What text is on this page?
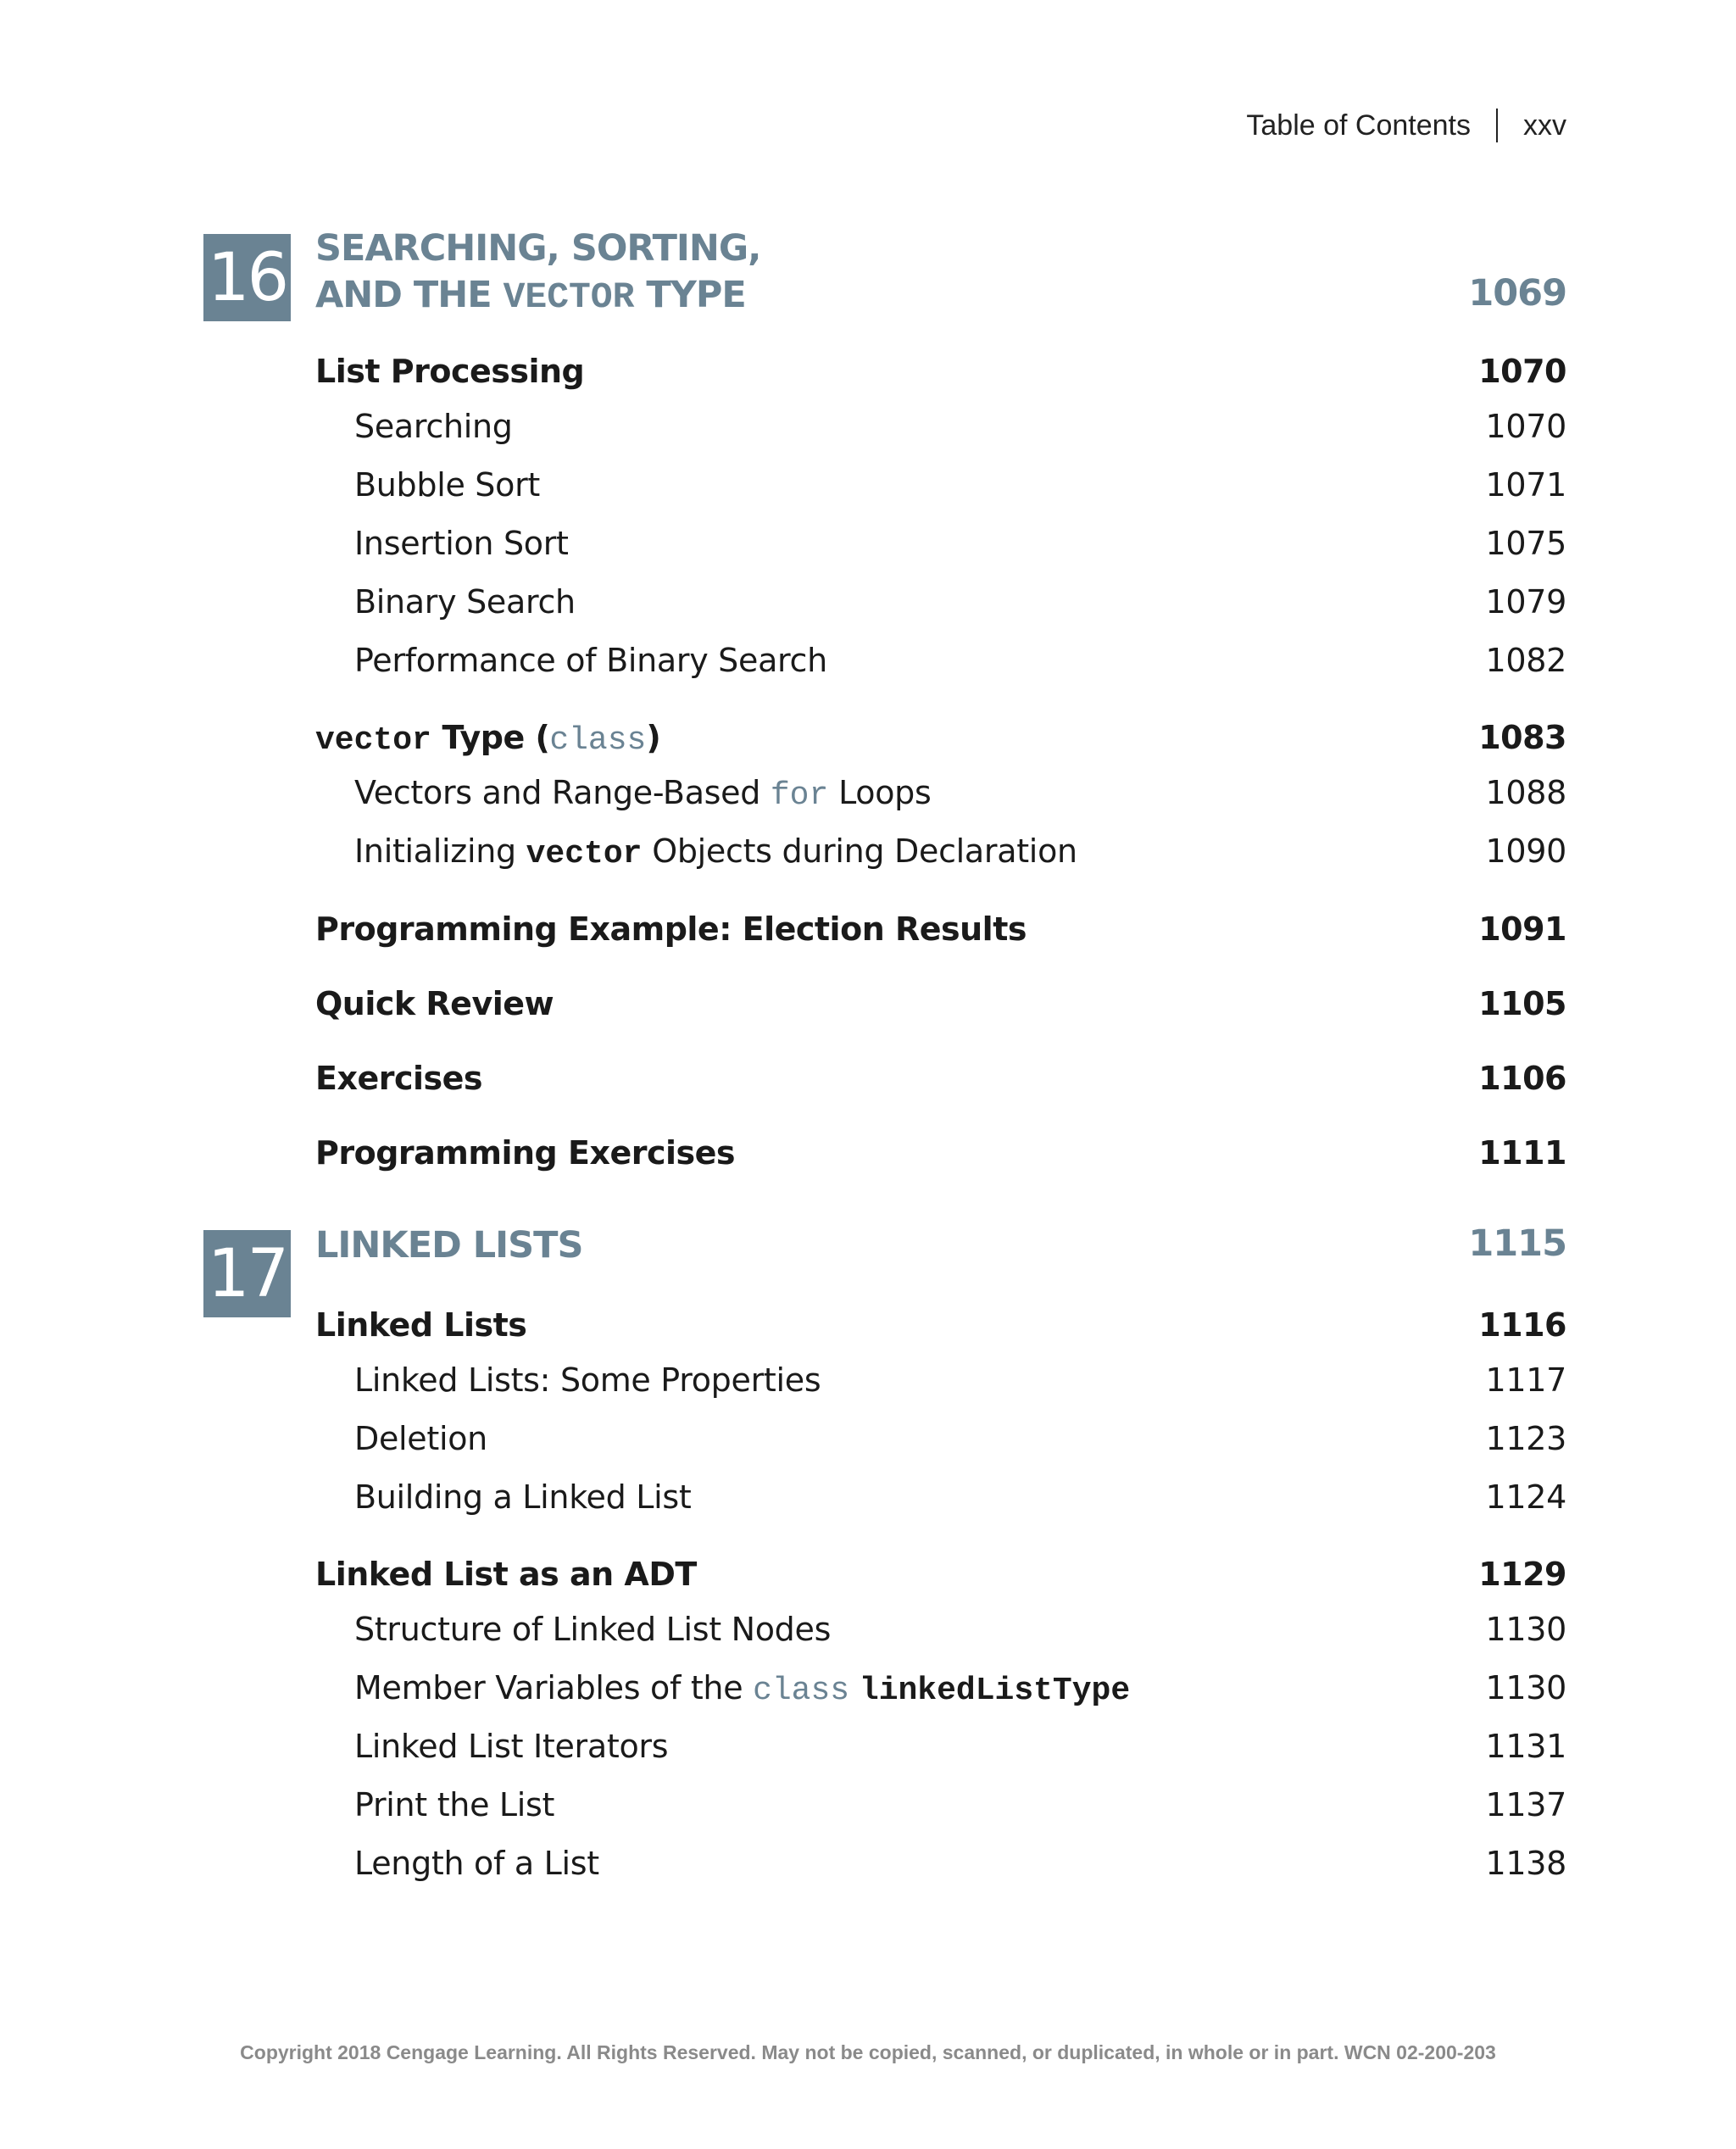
Table of Contents xxv
16 SEARCHING, SORTING,
AND THE VECTOR TYPE	1069
List Processing	1070
Searching	1070
Bubble Sort	1071
Insertion Sort	1075
Binary Search	1079
Performance of Binary Search	1082
vector Type (class)	1083
Vectors and Range-Based for Loops	1088
Initializing vector Objects during Declaration	1090
Programming Example: Election Results	1091
Quick Review	1105
Exercises	1106
Programming Exercises	1111
17 LINKED LISTS	1115
Linked Lists	1116
Linked Lists: Some Properties	1117
Deletion	1123
Building a Linked List	1124
Linked List as an ADT	1129
Structure of Linked List Nodes	1130
Member Variables of the class linkedListType	1130
Linked List Iterators	1131
Print the List	1137
Length of a List	1138
Copyright 2018 Cengage Learning. All Rights Reserved. May not be copied, scanned, or duplicated, in whole or in part. WCN 02-200-203
